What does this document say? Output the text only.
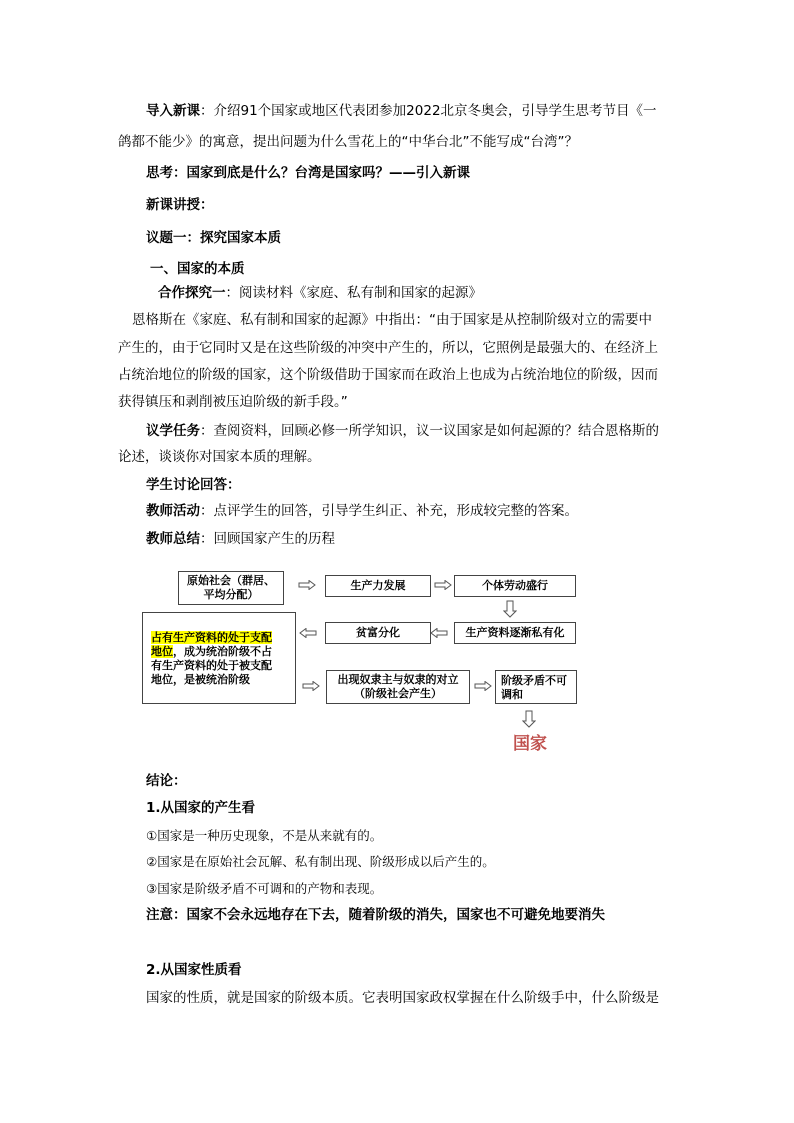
导入新课：介绍91个国家或地区代表团参加2022北京冬奥会，引导学生思考节目《一
鸽都不能少》的寓意，提出问题为什么雪花上的“中华台北”不能写成“台湾”？
思考：国家到底是什么？台湾是国家吗？——引入新课
新课讲授：
议题一：探究国家本质
一、国家的本质
合作探究一：阅读材料《家庭、私有制和国家的起源》
恩格斯在《家庭、私有制和国家的起源》中指出：“由于国家是从控制阶级对立的需要中
产生的，由于它同时又是在这些阶级的冲突中产生的，所以，它照例是最强大的、在经济上
占统治地位的阶级的国家，这个阶级借助于国家而在政治上也成为占统治地位的阶级，因而
获得镇压和剥削被压迫阶级的新手段。”
议学任务：查阅资料，回顾必修一所学知识，议一议国家是如何起源的？结合恩格斯的
论述，谈谈你对国家本质的理解。
学生讨论回答：
教师活动：点评学生的回答，引导学生纠正、补充，形成较完整的答案。
教师总结：回顾国家产生的历程
原始社会（群居、
平均分配）
生产力发展	个体劳动盛行
生产资料逐渐私有化
贫富分化
占有生产资料的处于支配
地位，成为统治阶级不占
有生产资料的处于被支配
地位，是被统治阶级	出现奴隶主与奴隶的对立
（阶级社会产生）
阶级矛盾不可
调和
国家
结论：
1.从国家的产生看
①国家是一种历史现象，不是从来就有的。
②国家是在原始社会瓦解、私有制出现、阶级形成以后产生的。
③国家是阶级矛盾不可调和的产物和表现。
注意：国家不会永远地存在下去，随着阶级的消失，国家也不可避免地要消失
2.从国家性质看
国家的性质，就是国家的阶级本质。它表明国家政权掌握在什么阶级手中，什么阶级是
